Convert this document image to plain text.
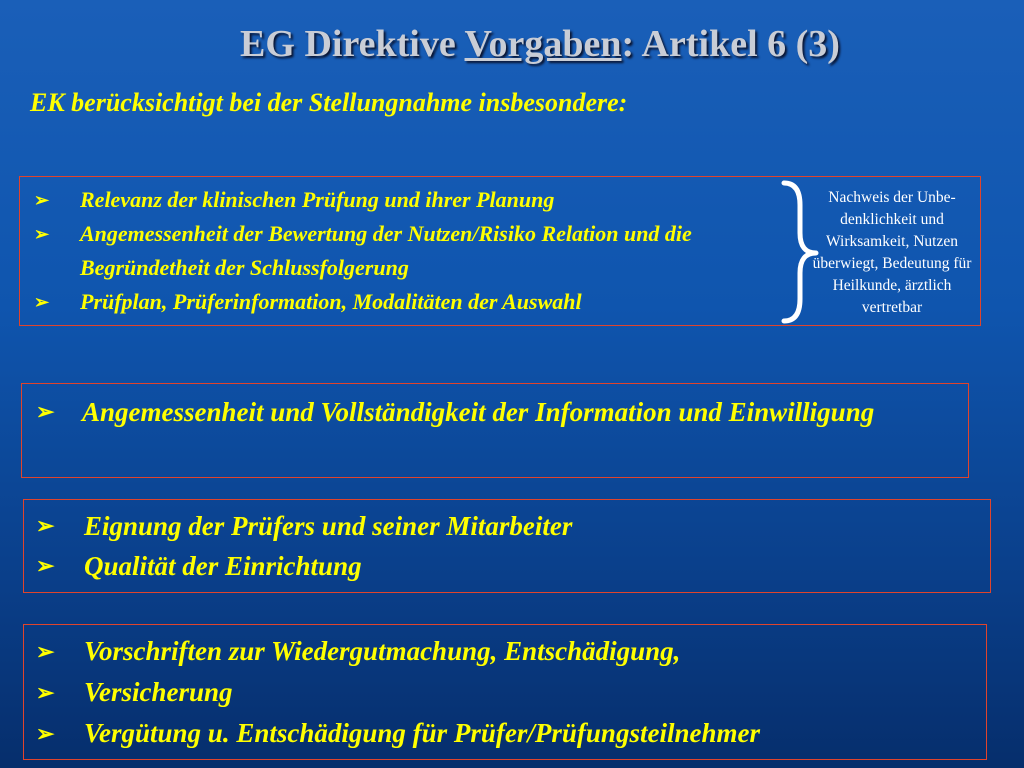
EG Direktive Vorgaben: Artikel 6 (3)
EK berücksichtigt bei der Stellungnahme insbesondere:
➢ Relevanz der klinischen Prüfung und ihrer Planung
➢ Angemessenheit der Bewertung der Nutzen/Risiko Relation und die Begründetheit der Schlussfolgerung
➢ Prüfplan, Prüferinformation, Modalitäten der Auswahl
Nachweis der Unbe-denklichkeit und Wirksamkeit, Nutzen überwiegt, Bedeutung für Heilkunde, ärztlich vertretbar
➢ Angemessenheit und Vollständigkeit der Information und Einwilligung
➢ Eignung der Prüfers und seiner Mitarbeiter
➢ Qualität der Einrichtung
➢ Vorschriften zur Wiedergutmachung, Entschädigung,
➢ Versicherung
➢ Vergütung u. Entschädigung für Prüfer/Prüfungsteilnehmer
